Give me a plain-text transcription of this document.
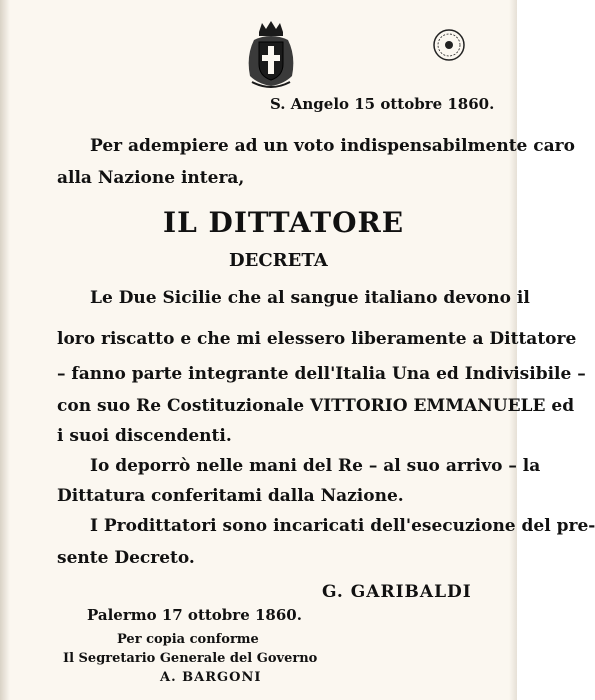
S. Angelo 15 ottobre 1860.
Per adempiere ad un voto indispensabilmente caro
alla Nazione intera,
IL DITTATORE
DECRETA
Le Due Sicilie che al sangue italiano devono il
loro riscatto e che mi elessero liberamente a Dittatore
– fanno parte integrante dell'Italia Una ed Indivisibile –
con suo Re Costituzionale VITTORIO EMMANUELE ed
i suoi discendenti.
Io deporrò nelle mani del Re – al suo arrivo – la
Dittatura conferitami dalla Nazione.
I Prodittatori sono incaricati dell'esecuzione del pre-
sente Decreto.
G. GARIBALDI
Palermo 17 ottobre 1860.
Per copia conforme
Il Segretario Generale del Governo
A. BARGONI
